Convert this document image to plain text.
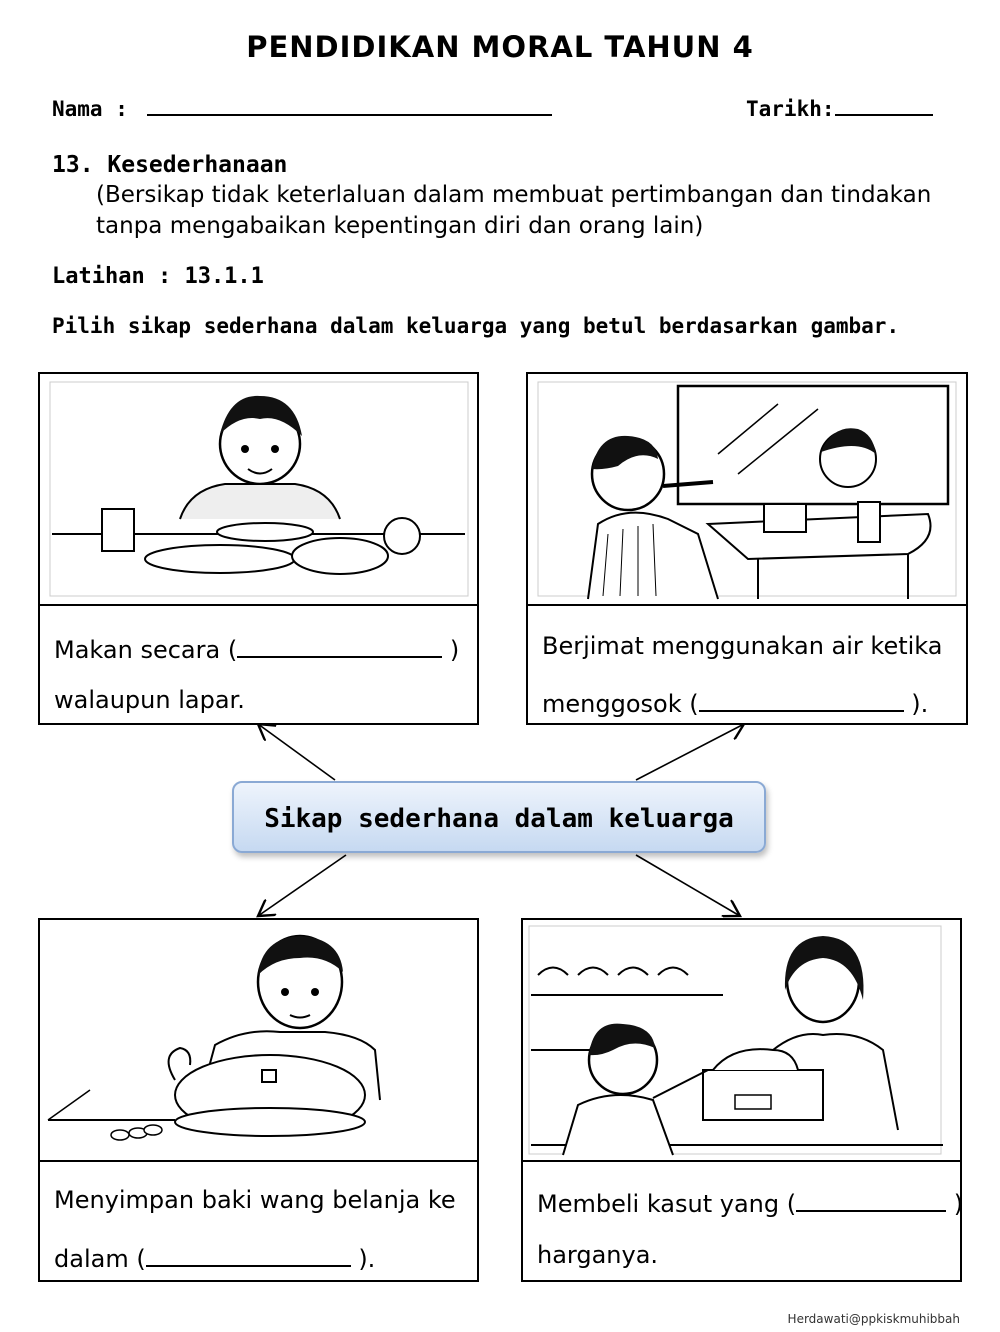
PENDIDIKAN MORAL TAHUN 4
Nama :	Tarikh:
13. Kesederhanaan
(Bersikap tidak keterlaluan dalam membuat pertimbangan dan tindakan
tanpa mengabaikan kepentingan diri dan orang lain)
Latihan : 13.1.1
Pilih sikap sederhana dalam keluarga yang betul berdasarkan gambar.
Makan secara (	)
walaupun lapar.
Berjimat menggunakan air ketika
menggosok (	).
Sikap sederhana dalam keluarga
Menyimpan baki wang belanja ke
dalam (	).
Membeli kasut yang (	)
harganya.
Herdawati@ppkiskmuhibbah
